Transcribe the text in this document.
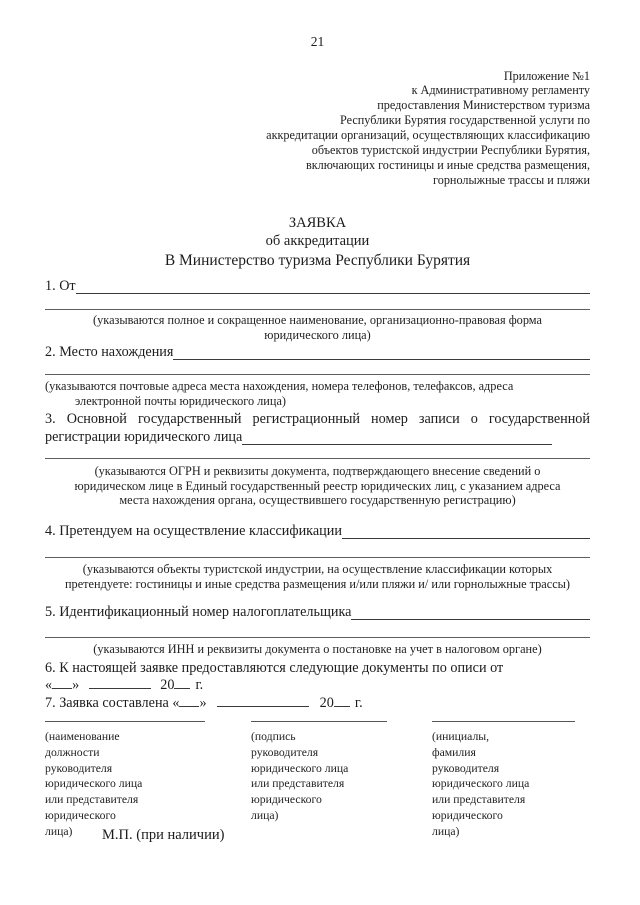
21
Приложение №1
к Административному регламенту
предоставления Министерством туризма
Республики Бурятия государственной услуги по
аккредитации организаций, осуществляющих классификацию
объектов туристской индустрии Республики Бурятия,
включающих гостиницы и иные средства размещения,
горнолыжные трассы и пляжи
ЗАЯВКА
об аккредитации
В Министерство туризма Республики Бурятия
1. От
(указываются полное и сокращенное наименование, организационно-правовая форма
юридического лица)
2. Место нахождения
(указываются почтовые адреса места нахождения, номера телефонов, телефаксов, адреса
электронной почты юридического лица)
3. Основной государственный регистрационный номер записи о государственной
регистрации юридического лица
(указываются ОГРН и реквизиты документа, подтверждающего внесение сведений о
юридическом лице в Единый государственный реестр юридических лиц, с указанием адреса
места нахождения органа, осуществившего государственную регистрацию)
4. Претендуем на осуществление классификации
(указываются объекты туристской индустрии, на осуществление классификации которых
претендуете: гостиницы и иные средства размещения и/или пляжи и/ или горнолыжные трассы)
5. Идентификационный номер налогоплательщика
(указываются ИНН и реквизиты документа о постановке на учет в налоговом органе)
6. К настоящей заявке предоставляются следующие документы по описи от
« »	20 г.
7. Заявка составлена « »	20 г.
(наименование должности руководителя юридического лица или представителя юридического лица)
(подпись руководителя юридического лица или представителя юридического лица)
(инициалы, фамилия руководителя юридического лица или представителя юридического лица)
М.П. (при наличии)
